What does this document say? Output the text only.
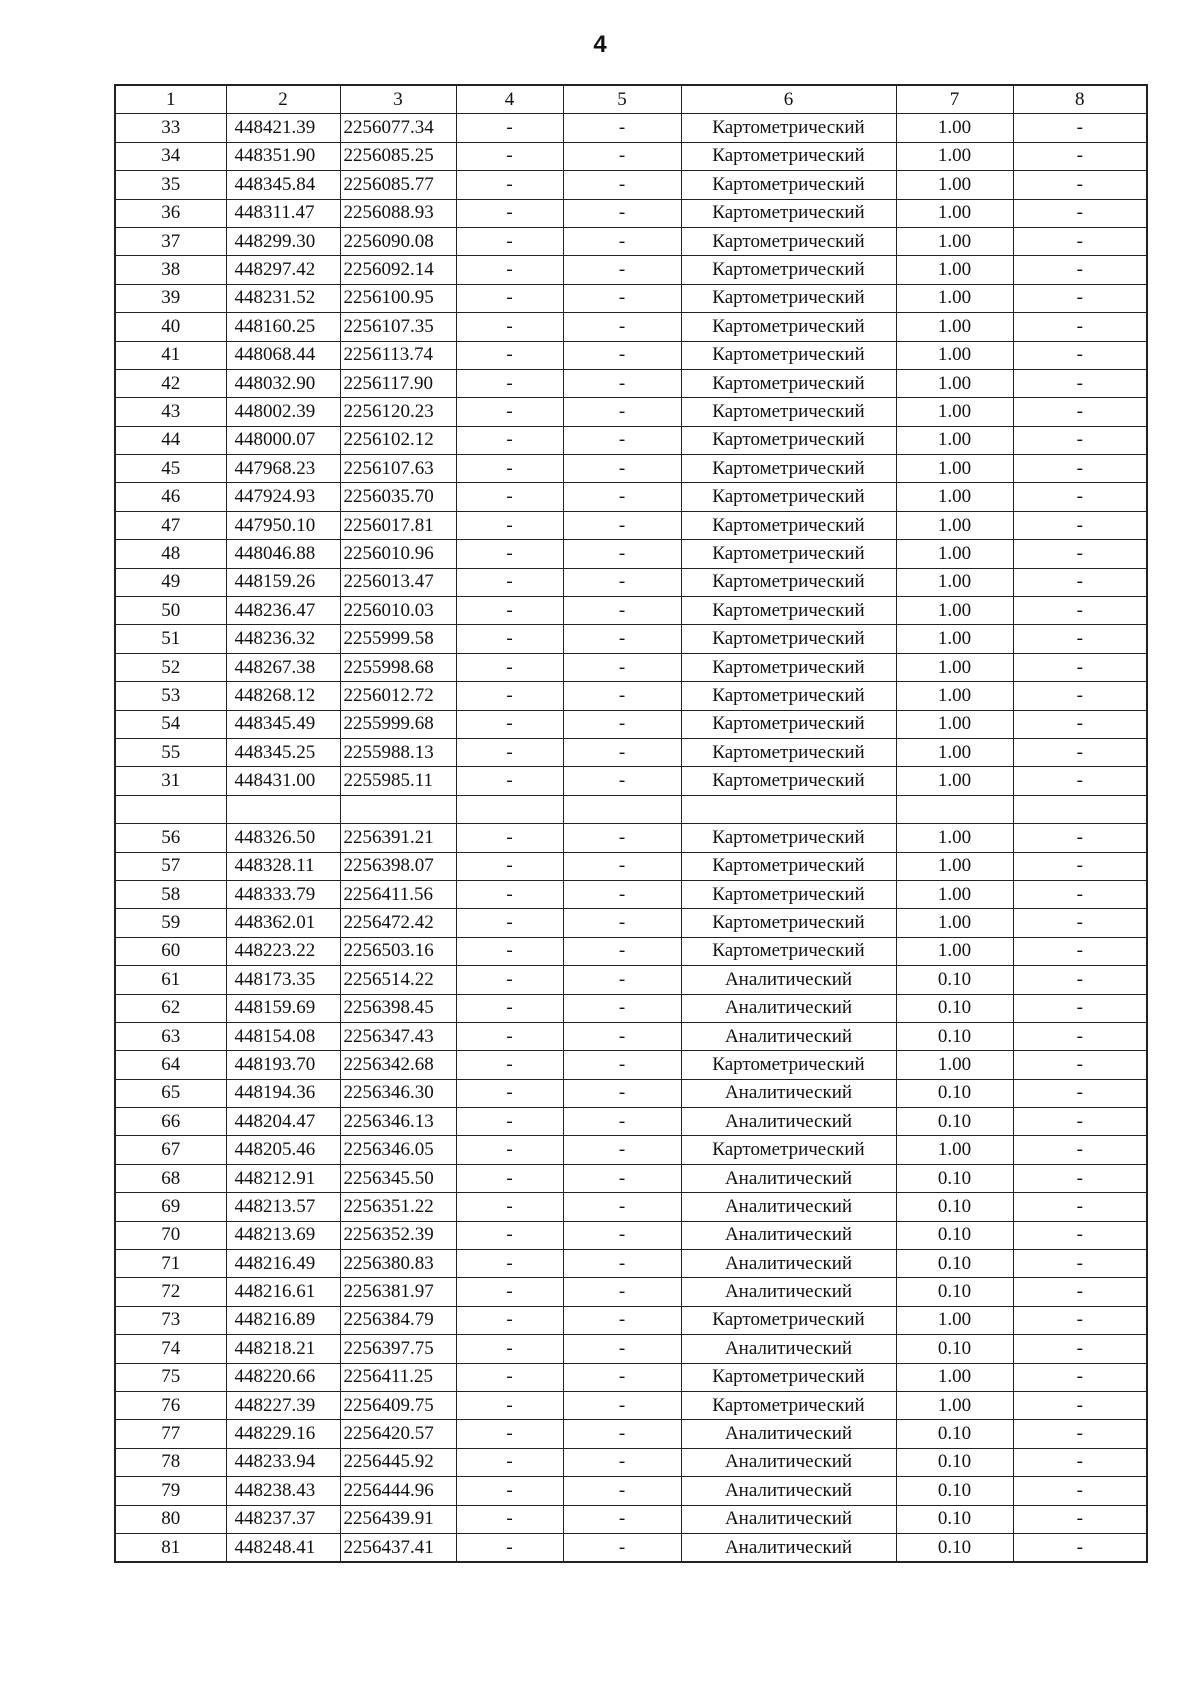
4
1	2	3	4	5	6	7	8
33	448421.39	2256077.34	-	-	Картометрический	1.00	-
34	448351.90	2256085.25	-	-	Картометрический	1.00	-
35	448345.84	2256085.77	-	-	Картометрический	1.00	-
36	448311.47	2256088.93	-	-	Картометрический	1.00	-
37	448299.30	2256090.08	-	-	Картометрический	1.00	-
38	448297.42	2256092.14	-	-	Картометрический	1.00	-
39	448231.52	2256100.95	-	-	Картометрический	1.00	-
40	448160.25	2256107.35	-	-	Картометрический	1.00	-
41	448068.44	2256113.74	-	-	Картометрический	1.00	-
42	448032.90	2256117.90	-	-	Картометрический	1.00	-
43	448002.39	2256120.23	-	-	Картометрический	1.00	-
44	448000.07	2256102.12	-	-	Картометрический	1.00	-
45	447968.23	2256107.63	-	-	Картометрический	1.00	-
46	447924.93	2256035.70	-	-	Картометрический	1.00	-
47	447950.10	2256017.81	-	-	Картометрический	1.00	-
48	448046.88	2256010.96	-	-	Картометрический	1.00	-
49	448159.26	2256013.47	-	-	Картометрический	1.00	-
50	448236.47	2256010.03	-	-	Картометрический	1.00	-
51	448236.32	2255999.58	-	-	Картометрический	1.00	-
52	448267.38	2255998.68	-	-	Картометрический	1.00	-
53	448268.12	2256012.72	-	-	Картометрический	1.00	-
54	448345.49	2255999.68	-	-	Картометрический	1.00	-
55	448345.25	2255988.13	-	-	Картометрический	1.00	-
31	448431.00	2255985.11	-	-	Картометрический	1.00	-

56	448326.50	2256391.21	-	-	Картометрический	1.00	-
57	448328.11	2256398.07	-	-	Картометрический	1.00	-
58	448333.79	2256411.56	-	-	Картометрический	1.00	-
59	448362.01	2256472.42	-	-	Картометрический	1.00	-
60	448223.22	2256503.16	-	-	Картометрический	1.00	-
61	448173.35	2256514.22	-	-	Аналитический	0.10	-
62	448159.69	2256398.45	-	-	Аналитический	0.10	-
63	448154.08	2256347.43	-	-	Аналитический	0.10	-
64	448193.70	2256342.68	-	-	Картометрический	1.00	-
65	448194.36	2256346.30	-	-	Аналитический	0.10	-
66	448204.47	2256346.13	-	-	Аналитический	0.10	-
67	448205.46	2256346.05	-	-	Картометрический	1.00	-
68	448212.91	2256345.50	-	-	Аналитический	0.10	-
69	448213.57	2256351.22	-	-	Аналитический	0.10	-
70	448213.69	2256352.39	-	-	Аналитический	0.10	-
71	448216.49	2256380.83	-	-	Аналитический	0.10	-
72	448216.61	2256381.97	-	-	Аналитический	0.10	-
73	448216.89	2256384.79	-	-	Картометрический	1.00	-
74	448218.21	2256397.75	-	-	Аналитический	0.10	-
75	448220.66	2256411.25	-	-	Картометрический	1.00	-
76	448227.39	2256409.75	-	-	Картометрический	1.00	-
77	448229.16	2256420.57	-	-	Аналитический	0.10	-
78	448233.94	2256445.92	-	-	Аналитический	0.10	-
79	448238.43	2256444.96	-	-	Аналитический	0.10	-
80	448237.37	2256439.91	-	-	Аналитический	0.10	-
81	448248.41	2256437.41	-	-	Аналитический	0.10	-
